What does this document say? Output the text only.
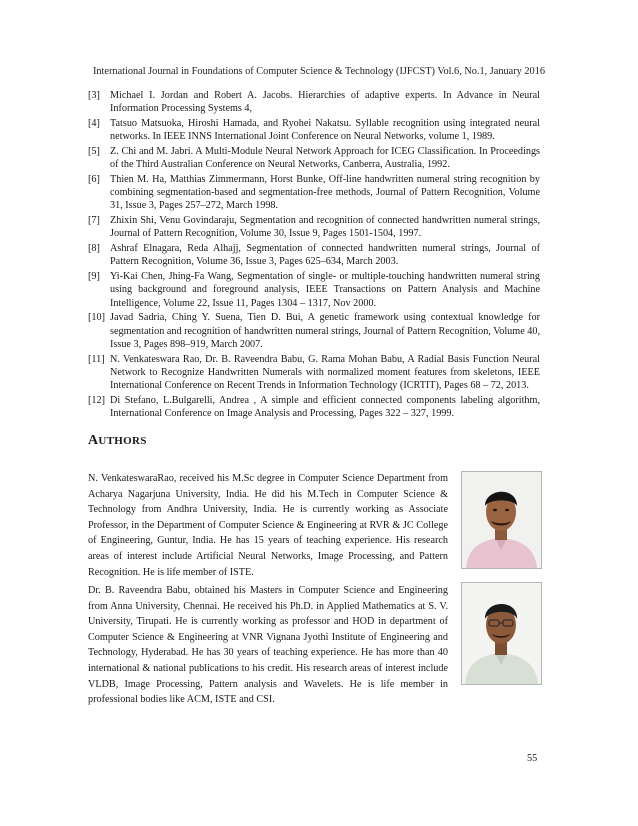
International Journal in Foundations of Computer Science & Technology (IJFCST) Vol.6, No.1, January 2016
[3] Michael I. Jordan and Robert A. Jacobs. Hierarchies of adaptive experts. In Advance in Neural Information Processing Systems 4,
[4] Tatsuo Matsuoka, Hiroshi Hamada, and Ryohei Nakatsu. Syllable recognition using integrated neural networks. In IEEE INNS International Joint Conference on Neural Networks, volume 1, 1989.
[5] Z. Chi and M. Jabri. A Multi-Module Neural Network Approach for ICEG Classification. In Proceedings of the Third Australian Conference on Neural Networks, Canberra, Australia, 1992.
[6] Thien M. Ha, Matthias Zimmermann, Horst Bunke, Off-line handwritten numeral string recognition by combining segmentation-based and segmentation-free methods, Journal of Pattern Recognition, Volume 31, Issue 3, Pages 257–272, March 1998.
[7] Zhixin Shi, Venu Govindaraju, Segmentation and recognition of connected handwritten numeral strings, Journal of Pattern Recognition, Volume 30, Issue 9, Pages 1501-1504, 1997.
[8] Ashraf Elnagara, Reda Alhajj, Segmentation of connected handwritten numeral strings, Journal of Pattern Recognition, Volume 36, Issue 3, Pages 625–634, March 2003.
[9] Yi-Kai Chen, Jhing-Fa Wang, Segmentation of single- or multiple-touching handwritten numeral string using background and foreground analysis, IEEE Transactions on Pattern Analysis and Machine Intelligence, Volume 22, Issue 11, Pages 1304 – 1317, Nov 2000.
[10] Javad Sadria, Ching Y. Suena, Tien D. Bui, A genetic framework using contextual knowledge for segmentation and recognition of handwritten numeral strings, Journal of Pattern Recognition, Volume 40, Issue 3, Pages 898–919, March 2007.
[11] N. Venkateswara Rao, Dr. B. Raveendra Babu, G. Rama Mohan Babu, A Radial Basis Function Neural Network to Recognize Handwritten Numerals with normalized moment features from skeletons, IEEE International Conference on Recent Trends in Information Technology (ICRTIT), Pages 68 – 72, 2013.
[12] Di Stefano, L.Bulgarelli, Andrea , A simple and efficient connected components labeling algorithm, International Conference on Image Analysis and Processing, Pages 322 – 327, 1999.
AUTHORS
N. VenkateswaraRao, received his M.Sc degree in Computer Science Department from Acharya Nagarjuna University, India. He did his M.Tech in Computer Science & Technology from Andhra University, India. He is currently working as Associate Professor, in the Department of Computer Science & Engineering at RVR & JC College of Engineering, Guntur, India. He has 15 years of teaching experience. His research areas of interest include Artificial Neural Networks, Image Processing, and Pattern Recognition. He is life member of ISTE.
Dr. B. Raveendra Babu, obtained his Masters in Computer Science and Engineering from Anna University, Chennai. He received his Ph.D. in Applied Mathematics at S. V. University, Tirupati. He is currently working as professor and HOD in department of Computer Science & Engineering at VNR Vignana Jyothi Institute of Engineering and Technology, Hyderabad. He has 30 years of teaching experience. He has more than 40 international & national publications to his credit. His research areas of interest include VLDB, Image Processing, Pattern analysis and Wavelets. He is life member in professional bodies like ACM, ISTE and CSI.
55
